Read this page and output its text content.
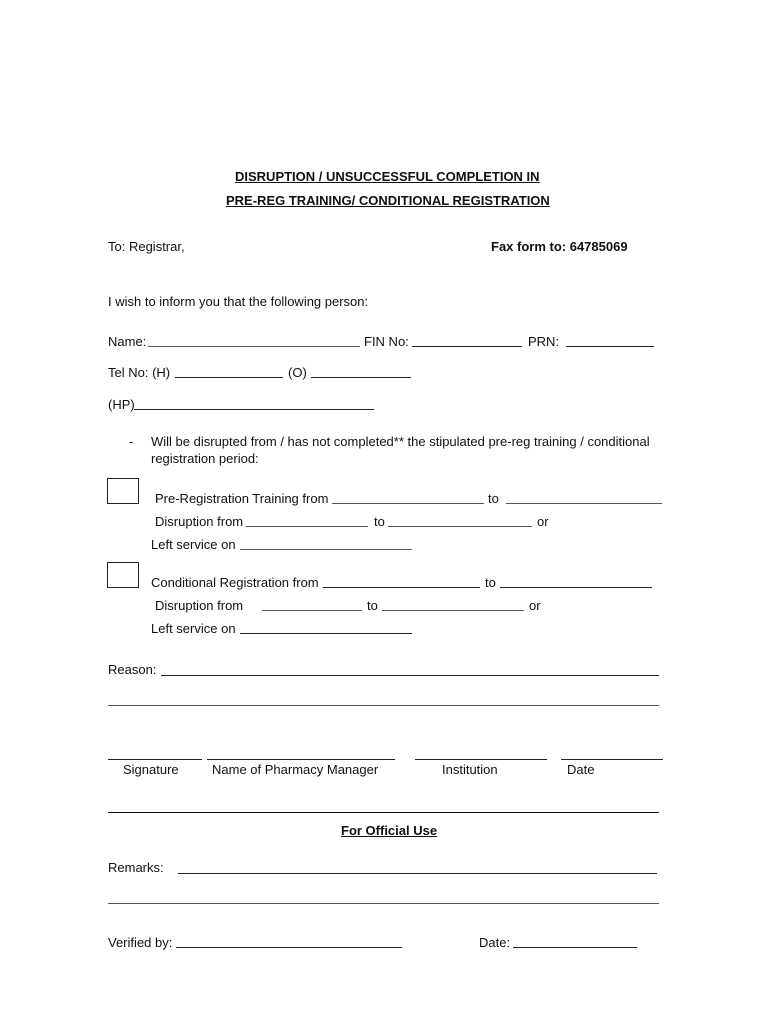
DISRUPTION / UNSUCCESSFUL COMPLETION IN
PRE-REG TRAINING/ CONDITIONAL REGISTRATION
To: Registrar,	Fax form to: 64785069
I wish to inform you that the following person:
Name:	FIN No:	PRN:
Tel No: (H)	(O)
(HP)
- Will be disrupted from / has not completed** the stipulated pre-reg training / conditional
registration period:
Pre-Registration Training from	to
Disruption from	to	or
Left service on
Conditional Registration from	to
Disruption from	to	or
Left service on
Reason:
Signature	Name of Pharmacy Manager	Institution	Date
For Official Use
Remarks:
Verified by:	Date:
